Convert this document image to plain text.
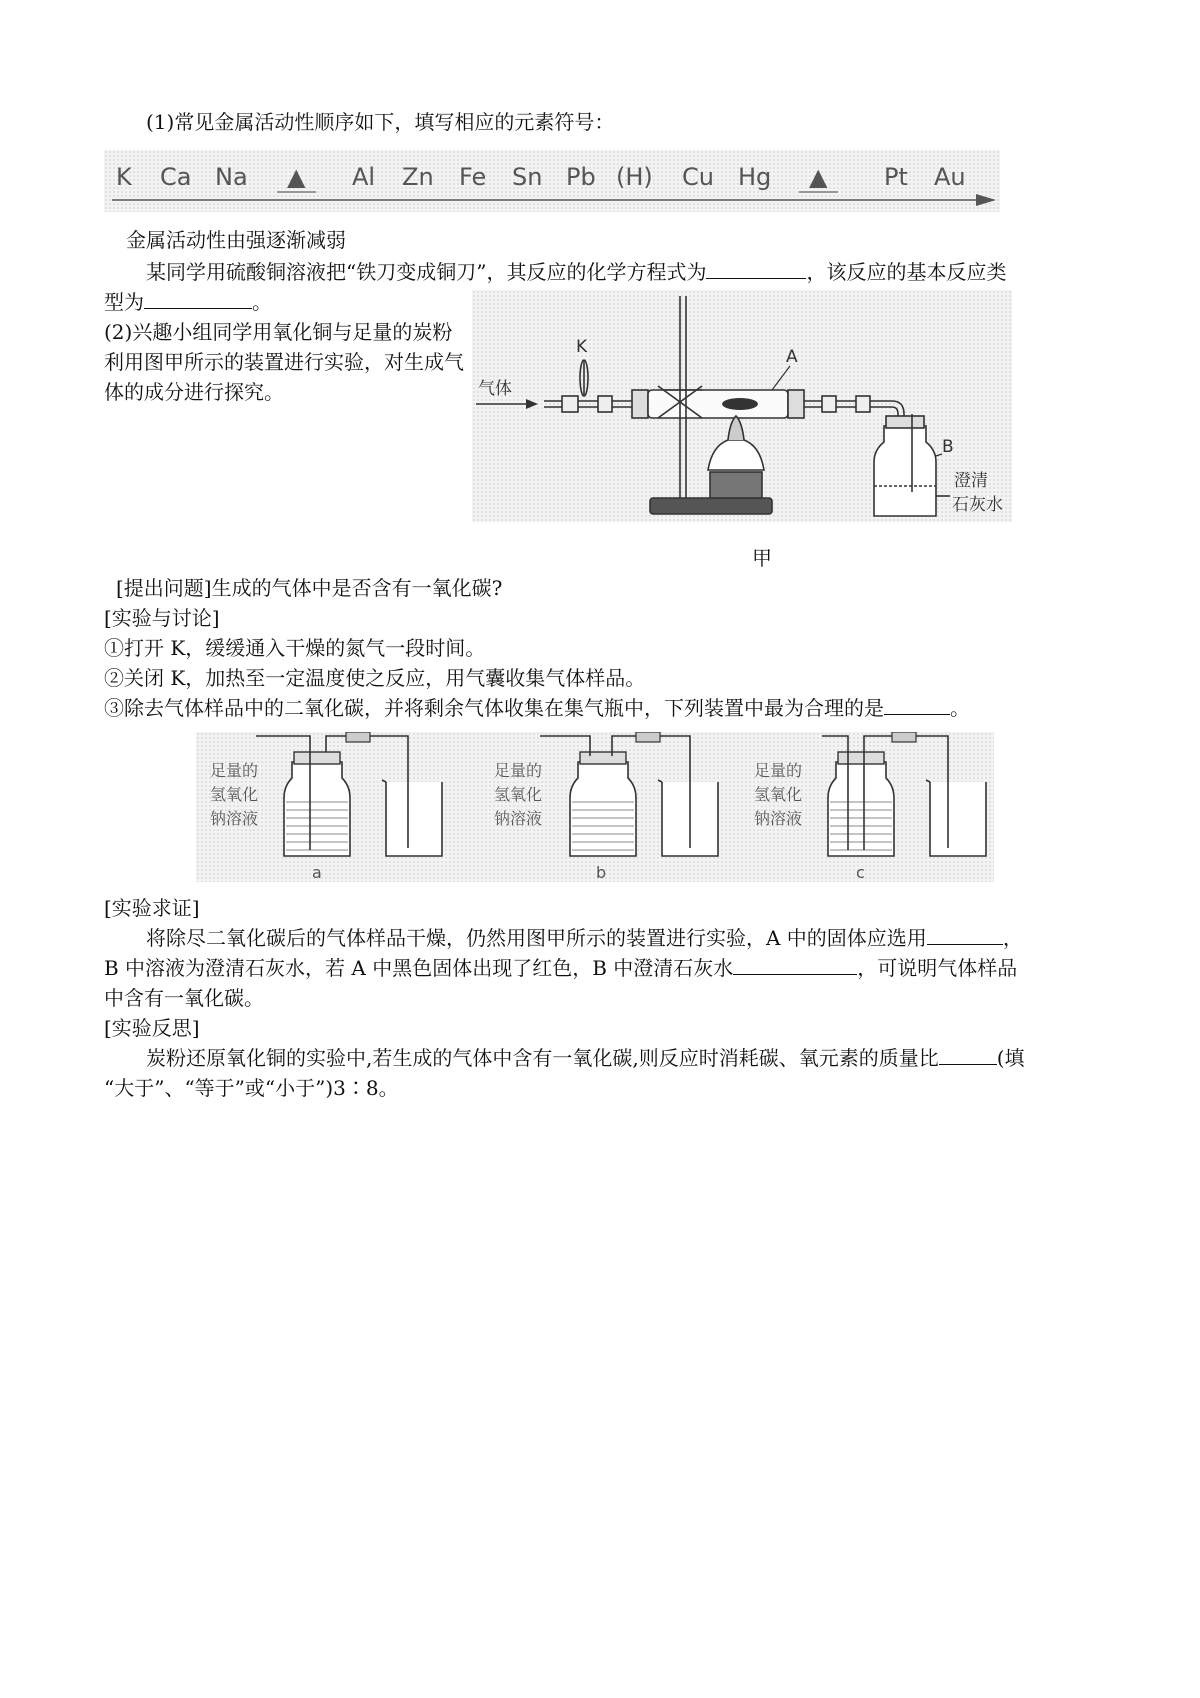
(1)常见金属活动性顺序如下，填写相应的元素符号：
K Ca Na ▲ Al Zn Fe Sn Pb (H) Cu Hg ▲ Pt Au
金属活动性由强逐渐减弱
某同学用硫酸铜溶液把“铁刀变成铜刀”，其反应的化学方程式为	，该反应的基本反应类
型为	。
(2)兴趣小组同学用氧化铜与足量的炭粉
利用图甲所示的装置进行实验，对生成气
体的成分进行探究。	气体
K	A
B
澄清
石灰水
甲
[提出问题]生成的气体中是否含有一氧化碳?
[实验与讨论]
①打开 K，缓缓通入干燥的氮气一段时间。
②关闭 K，加热至一定温度使之反应，用气囊收集气体样品。
③除去气体样品中的二氧化碳，并将剩余气体收集在集气瓶中，下列装置中最为合理的是	。
足量的
氢氧化
钠溶液
足量的
氢氧化
钠溶液
足量的
氢氧化
钠溶液
a	b	c
[实验求证]
将除尽二氧化碳后的气体样品干燥，仍然用图甲所示的装置进行实验，A 中的固体应选用	，
B 中溶液为澄清石灰水，若 A 中黑色固体出现了红色，B 中澄清石灰水	，可说明气体样品
中含有一氧化碳。
[实验反思]
炭粉还原氧化铜的实验中,若生成的气体中含有一氧化碳,则反应时消耗碳、氧元素的质量比	(填
“大于”、“等于”或“小于”)3∶8。
